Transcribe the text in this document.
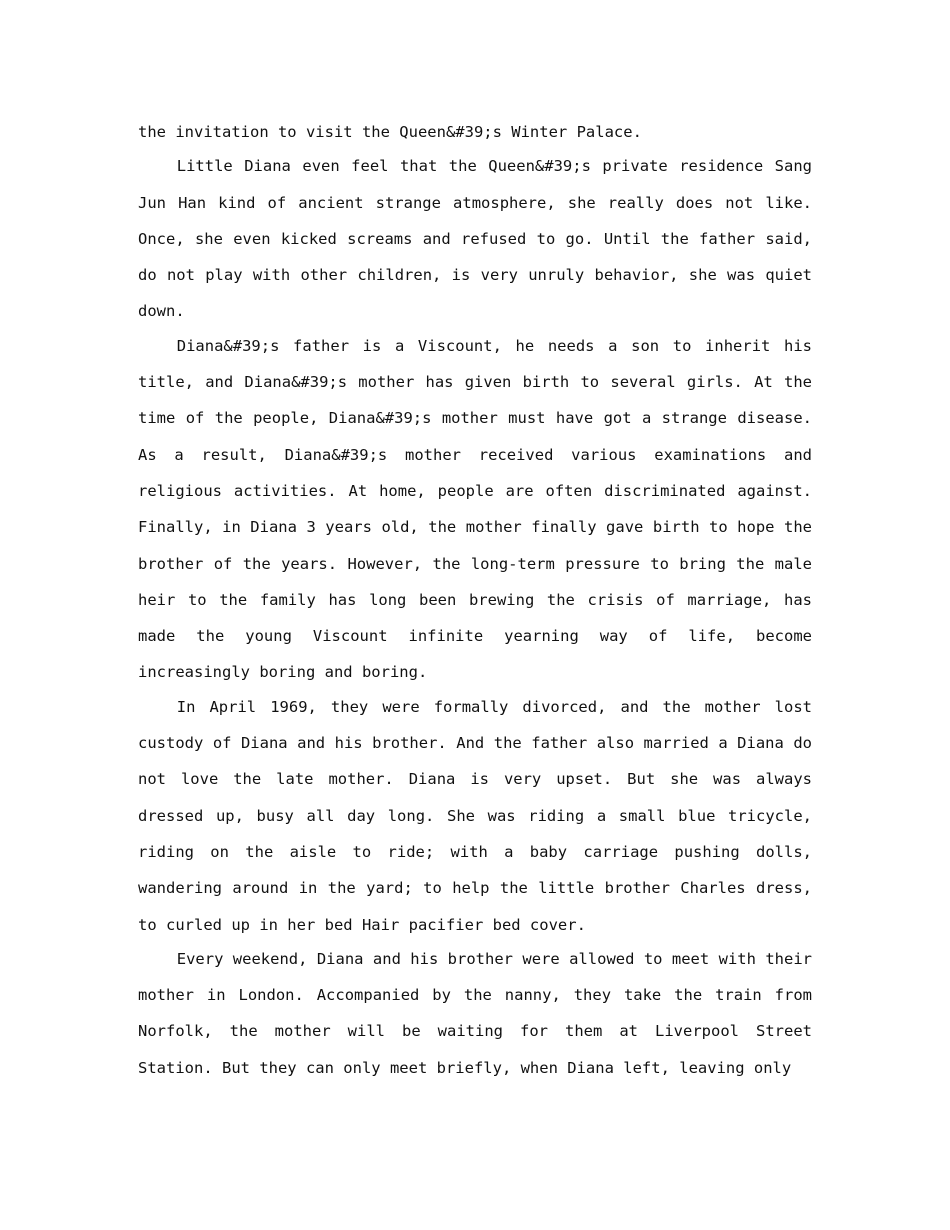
the invitation to visit the Queen&#39;s Winter Palace.

Little Diana even feel that the Queen&#39;s private residence Sang Jun Han kind of ancient strange atmosphere, she really does not like. Once, she even kicked screams and refused to go. Until the father said, do not play with other children, is very unruly behavior, she was quiet down.

Diana&#39;s father is a Viscount, he needs a son to inherit his title, and Diana&#39;s mother has given birth to several girls. At the time of the people, Diana&#39;s mother must have got a strange disease. As a result, Diana&#39;s mother received various examinations and religious activities. At home, people are often discriminated against. Finally, in Diana 3 years old, the mother finally gave birth to hope the brother of the years. However, the long-term pressure to bring the male heir to the family has long been brewing the crisis of marriage, has made the young Viscount infinite yearning way of life, become increasingly boring and boring.

In April 1969, they were formally divorced, and the mother lost custody of Diana and his brother. And the father also married a Diana do not love the late mother. Diana is very upset. But she was always dressed up, busy all day long. She was riding a small blue tricycle, riding on the aisle to ride; with a baby carriage pushing dolls, wandering around in the yard; to help the little brother Charles dress, to curled up in her bed Hair pacifier bed cover.

Every weekend, Diana and his brother were allowed to meet with their mother in London. Accompanied by the nanny, they take the train from Norfolk, the mother will be waiting for them at Liverpool Street Station. But they can only meet briefly, when Diana left, leaving only
